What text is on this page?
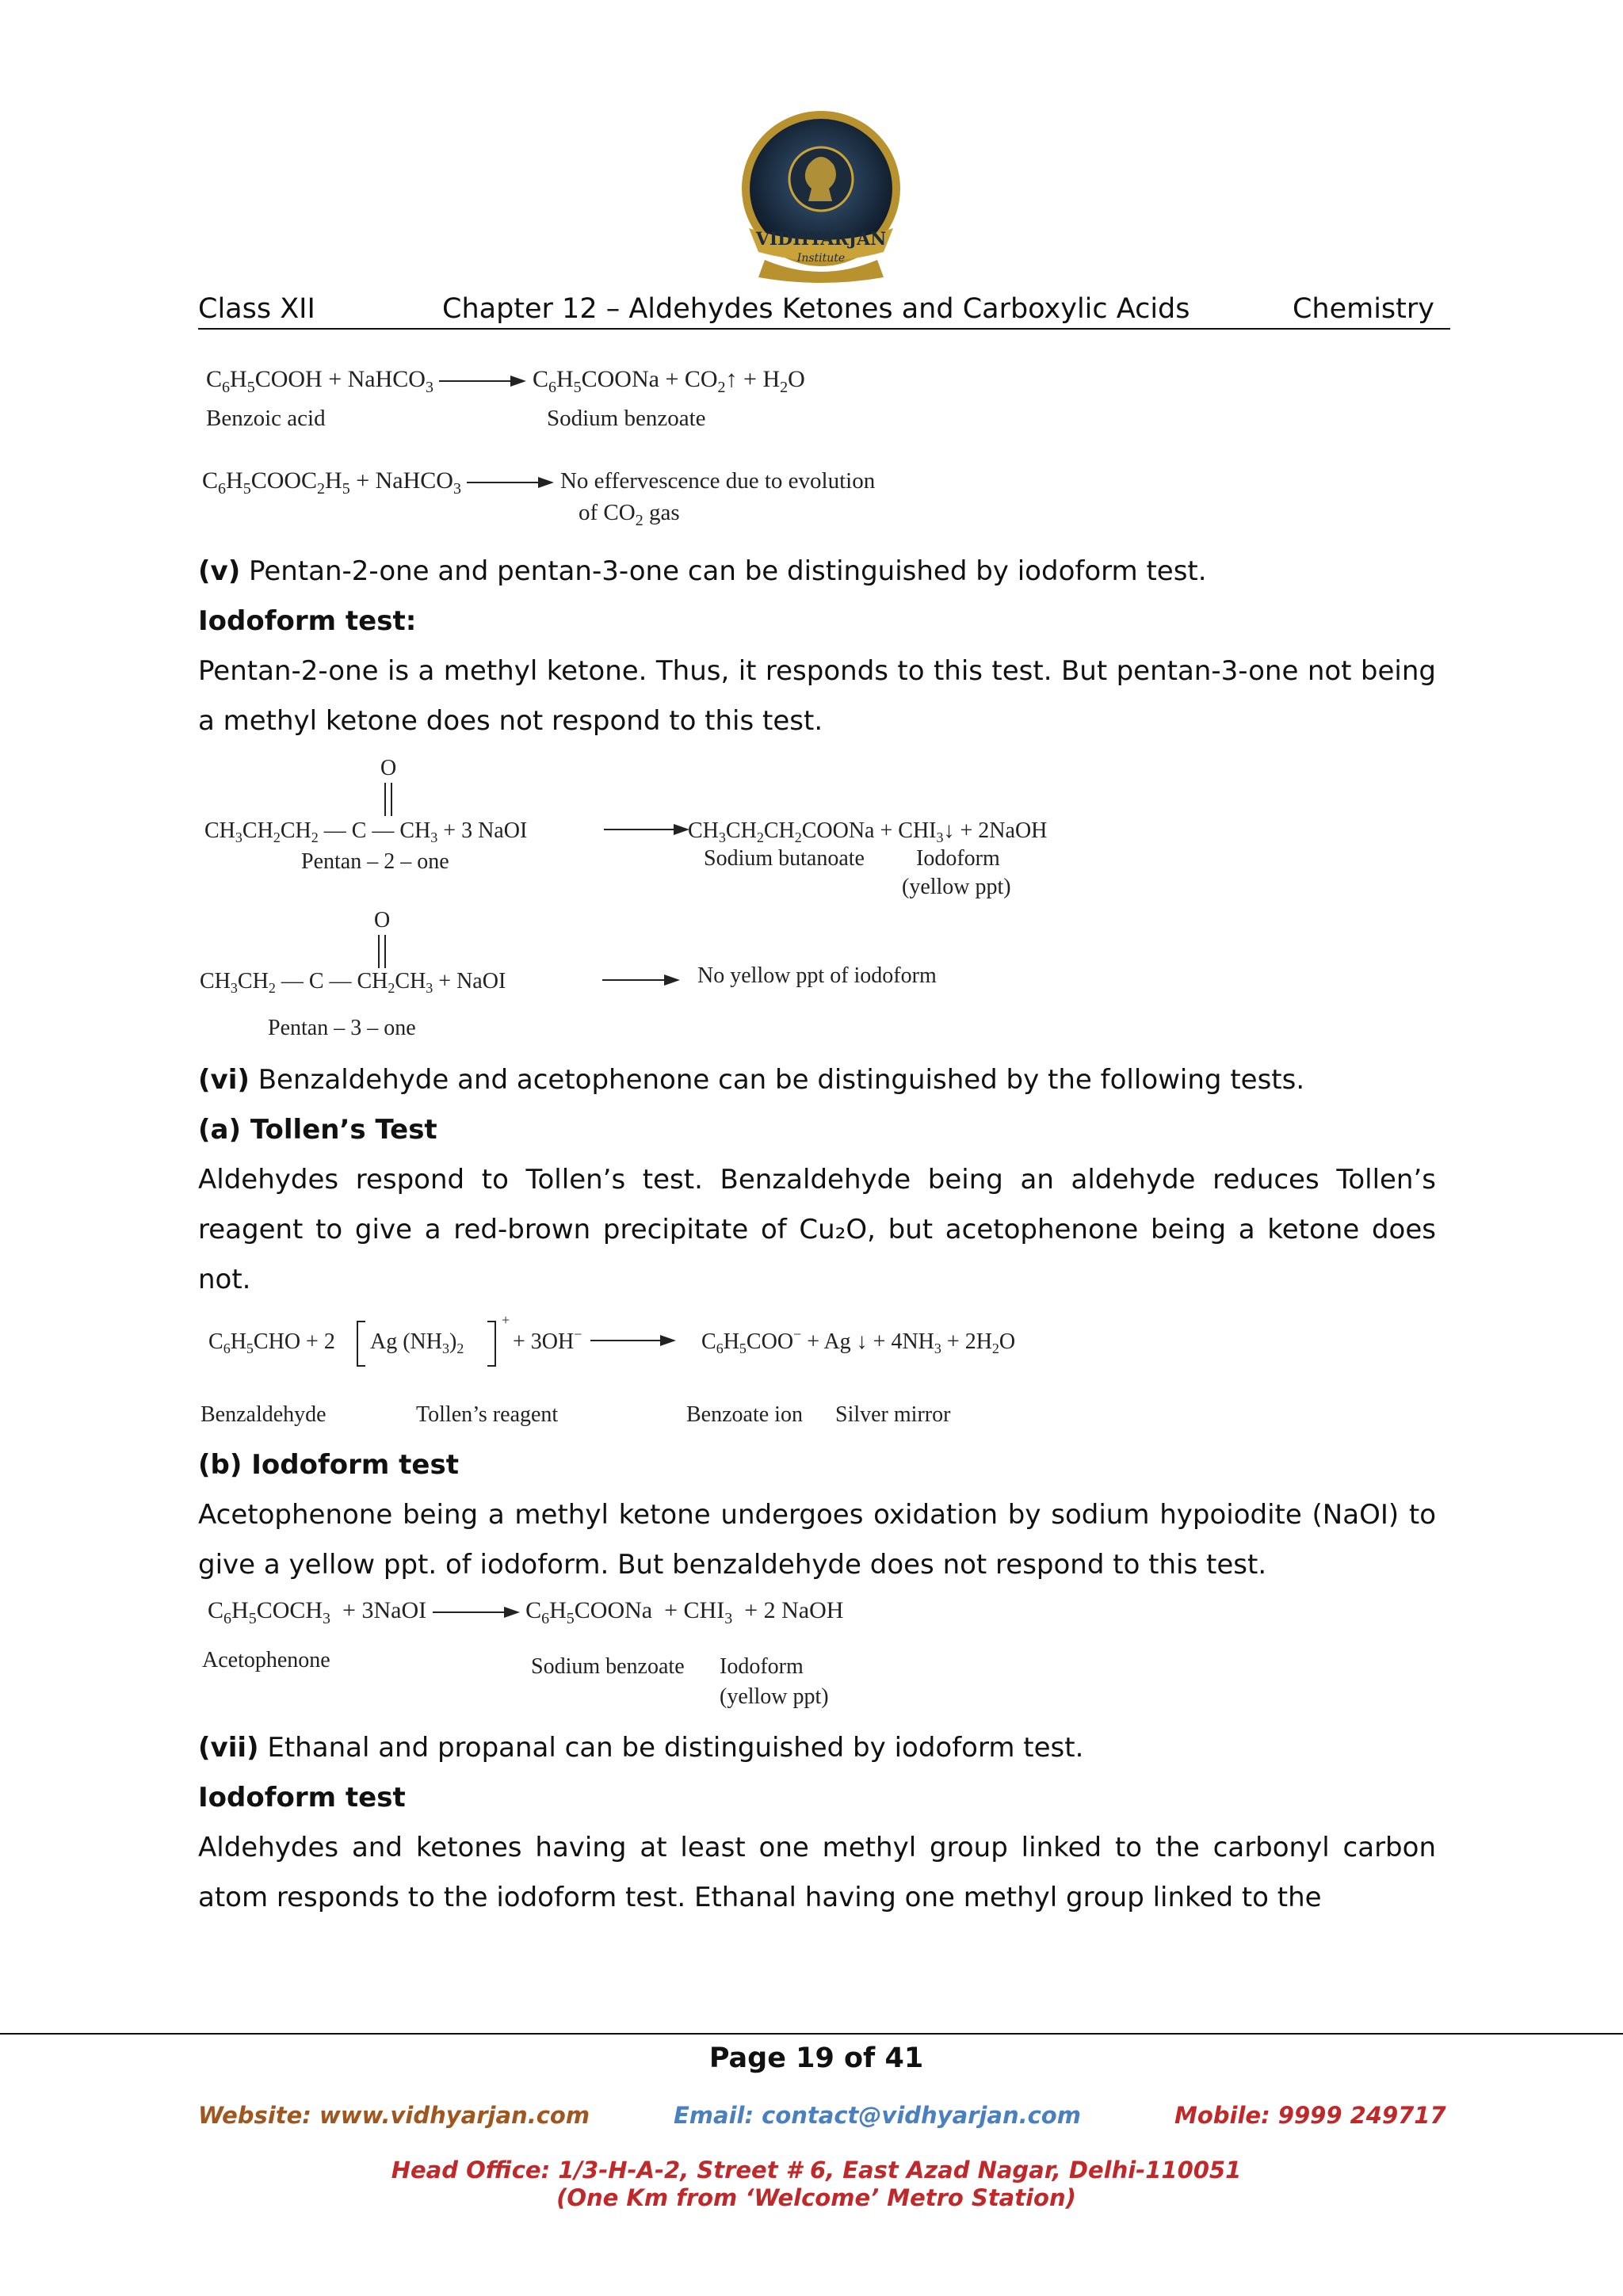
VIDHYARJAN
Institute
Class XII	Chapter 12 – Aldehydes Ketones and Carboxylic Acids	Chemistry
$C_6H_5COOH$ + NaHCO$_3$	$C_6H_5COONa$ + $CO_2↑ + H_2O$
Benzoic acid	Sodium benzoate
$C_6H_5COOC_2H_5$ + NaHCO$_3$	No effervescence due to evolution
of $CO_2$ gas
(v) Pentan-2-one and pentan-3-one can be distinguished by iodoform test.
Iodoform test:
Pentan-2-one is a methyl ketone. Thus, it responds to this test. But pentan-3-one not being a methyl ketone does not respond to this test.
O
$CH_3CH_2CH_2$ — C — $CH_3 + 3$ NaOI	$CH_3CH_2CH_2COONa$ + $CHI_3↓$ + 2NaOH
O
$CH_3CH_2$ — C — $CH_2CH_3$ + NaOI
Pentan – 2 – one	Sodium butanoate Iodoform
(yellow ppt)
No yellow ppt of iodoform
Pentan – 3 – one
(vi) Benzaldehyde and acetophenone can be distinguished by the following tests.
(a) Tollen’s Test
Aldehydes respond to Tollen’s test. Benzaldehyde being an aldehyde reduces Tollen’s reagent to give a red-brown precipitate of Cu₂O, but acetophenone being a ketone does not.
$C_6H_5CHO + 2$ Ag $(NH_3)_2$
+
+ 3OH−	$C_6H_5COO^- + Ag$ ↓ + $4NH_3 + 2H_2O$
Benzaldehyde	Tollen’s reagent	Benzoate ion Silver mirror
(b) Iodoform test
Acetophenone being a methyl ketone undergoes oxidation by sodium hypoiodite (NaOI) to give a yellow ppt. of iodoform. But benzaldehyde does not respond to this test.
$C_6H_5COCH_3$  + 3NaOI	$C_6H_5COONa + CHI_3 + 2$ NaOH
Acetophenone	Sodium benzoate Iodoform
(yellow ppt)
(vii) Ethanal and propanal can be distinguished by iodoform test.
Iodoform test
Aldehydes and ketones having at least one methyl group linked to the carbonyl carbon atom responds to the iodoform test. Ethanal having one methyl group linked to the
Page 19 of 41
Website: www.vidhyarjan.com	Email: contact@vidhyarjan.com	Mobile: 9999 249717
Head Office: 1/3-H-A-2, Street # 6, East Azad Nagar, Delhi-110051
(One Km from ‘Welcome’ Metro Station)
